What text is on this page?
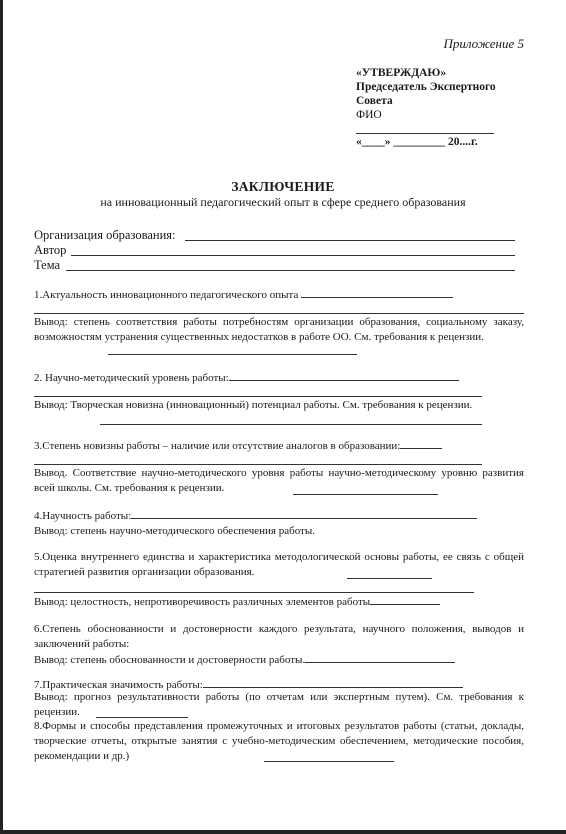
Приложение 5
«УТВЕРЖДАЮ»
Председатель Экспертного
Совета
ФИО
«____» _________ 20....г.
ЗАКЛЮЧЕНИЕ
на инновационный педагогический опыт в сфере среднего образования
Организация образования:
Автор
Тема
1.Актуальность инновационного педагогического опыта
Вывод: степень соответствия работы потребностям организации образования, социальному заказу, возможностям устранения существенных недостатков в работе ОО. См. требования к рецензии.
2. Научно-методический уровень работы:
Вывод: Творческая новизна (инновационный) потенциал работы. См. требования к рецензии.
3.Степень новизны работы – наличие или отсутствие аналогов в образовании:
Вывод. Соответствие научно-методического уровня работы научно-методическому уровню развития всей школы. См. требования к рецензии.
4.Научность работы:
Вывод: степень научно-методического обеспечения работы.
5.Оценка внутреннего единства и характеристика методологической основы работы, ее связь с общей стратегией развития организации образования.
Вывод: целостность, непротиворечивость различных элементов работы
6.Степень обоснованности и достоверности каждого результата, научного положения, выводов и заключений работы:
Вывод: степень обоснованности и достоверности работы.
7.Практическая значимость работы:
Вывод: прогноз результативности работы (по отчетам или экспертным путем). См. требования к рецензии.
8.Формы и способы представления промежуточных и итоговых результатов работы (статьи, доклады, творческие отчеты, открытые занятия с учебно-методическим обеспечением, методические пособия, рекомендации и др.)
